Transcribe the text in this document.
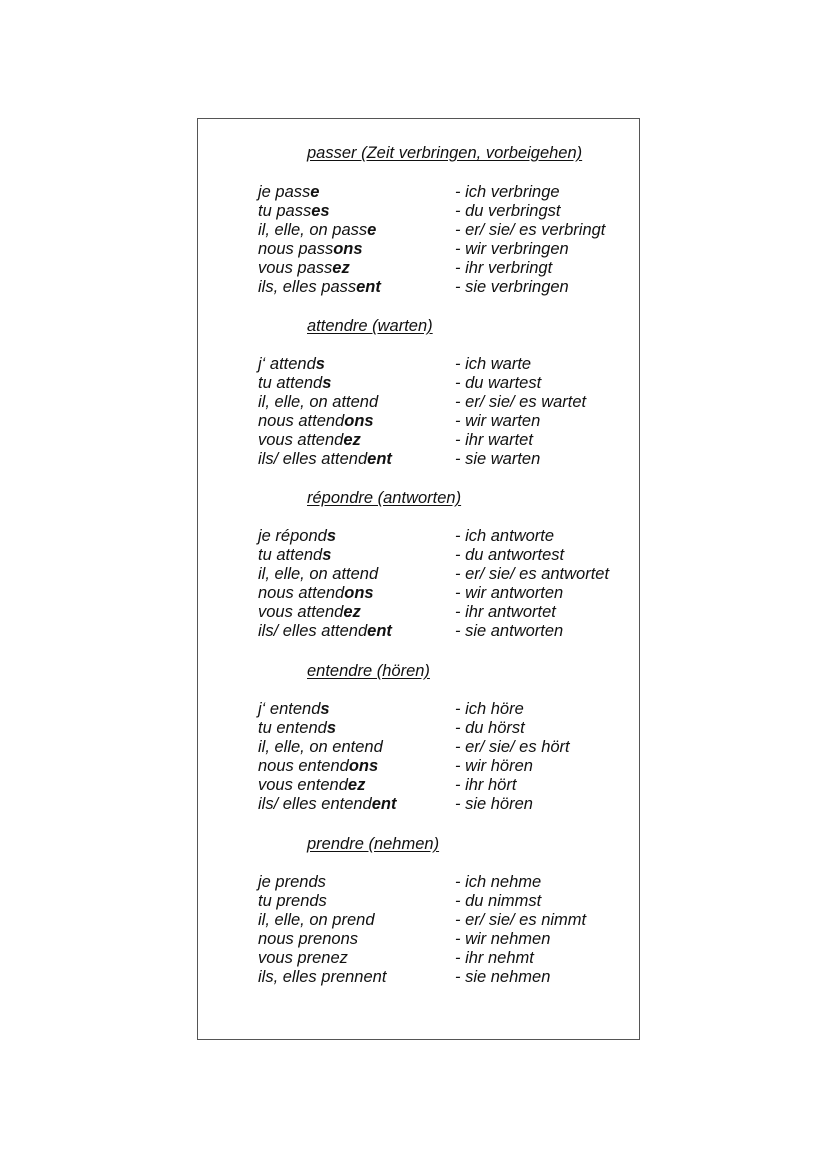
passer (Zeit verbringen, vorbeigehen)
je passe	- ich verbringe
tu passes	- du verbringst
il, elle, on passe	- er/ sie/ es verbringt
nous passons	- wir verbringen
vous passez	- ihr verbringt
ils, elles passent	- sie verbringen
attendre (warten)
j‘ attends	- ich warte
tu attends	- du wartest
il, elle, on attend	- er/ sie/ es wartet
nous attendons	- wir warten
vous attendez	- ihr wartet
ils/ elles attendent	- sie warten
répondre (antworten)
je réponds	- ich antworte
tu attends	- du antwortest
il, elle, on attend	- er/ sie/ es antwortet
nous attendons	- wir antworten
vous attendez	- ihr antwortet
ils/ elles attendent	- sie antworten
entendre (hören)
j‘ entends	- ich höre
tu entends	- du hörst
il, elle, on entend	- er/ sie/ es hört
nous entendons	- wir hören
vous entendez	- ihr hört
ils/ elles entendent	- sie hören
prendre (nehmen)
je prends	- ich nehme
tu prends	- du nimmst
il, elle, on prend	- er/ sie/ es nimmt
nous prenons	- wir nehmen
vous prenez	- ihr nehmt
ils, elles prennent	- sie nehmen
